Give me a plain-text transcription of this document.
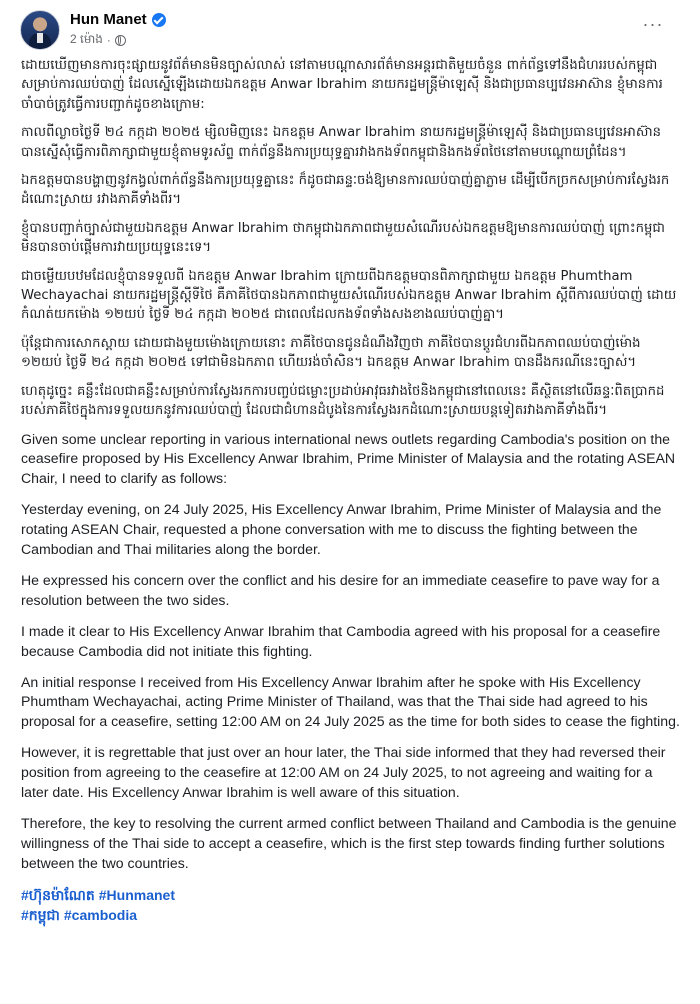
Hun Manet
2 ម៉ោង ·
···

ដោយឃើញមានការចុះផ្សាយនូវព័ត៌មានមិនច្បាស់លាស់ នៅតាមបណ្តាសារព័ត៌មានអន្តរជាតិមួយចំនួន ពាក់ព័ន្ធទៅនឹងជំហររបស់កម្ពុជា សម្រាប់ការឈប់បាញ់ ដែលស្នើឡើងដោយឯកឧត្តម Anwar Ibrahim នាយករដ្ឋមន្ត្រីម៉ាឡេស៊ី និងជាប្រធានប្បវេនអាស៊ាន ខ្ញុំមានការចាំបាច់ត្រូវធ្វើការបញ្ជាក់ដូចខាងក្រោម:

កាលពីល្ងាចថ្ងៃទី ២៤ កក្កដា ២០២៥ ម្សិលមិញនេះ ឯកឧត្តម Anwar Ibrahim នាយករដ្ឋមន្ត្រីម៉ាឡេស៊ី និងជាប្រធានប្បវេនអាស៊ាន បានស្នើសុំធ្វើការពិភាក្សាជាមួយខ្ញុំតាមទូរស័ព្ទ ពាក់ព័ន្ធនឹងការប្រយុទ្ធគ្នារវាងកងទ័ពកម្ពុជានិងកងទ័ពថៃនៅតាមបណ្តោយព្រំដែន។

ឯកឧត្តមបានបង្ហាញនូវកង្វល់ពាក់ព័ន្ធនឹងការប្រយុទ្ធគ្នានេះ ក៏ដូចជាឆន្ទៈចង់ឱ្យមានការឈប់បាញ់គ្នាភ្លាម ដើម្បីបើកច្រកសម្រាប់ការស្វែងរកដំណោះស្រាយ រវាងភាគីទាំងពីរ។

ខ្ញុំបានបញ្ជាក់ច្បាស់ជាមួយឯកឧត្តម Anwar Ibrahim ថាកម្ពុជាឯកភាពជាមួយសំណើរបស់ឯកឧត្តមឱ្យមានការឈប់បាញ់ ព្រោះកម្ពុជាមិនបានចាប់ផ្តើមការវាយប្រយុទ្ធនេះទេ។

ជាចម្លើយបឋមដែលខ្ញុំបានទទួលពី ឯកឧត្តម Anwar Ibrahim ក្រោយពីឯកឧត្តមបានពិភាក្សាជាមួយ ឯកឧត្តម Phumtham Wechayachai នាយករដ្ឋមន្ត្រីស្តីទីថៃ គឺភាគីថៃបានឯកភាពជាមួយសំណើរបស់ឯកឧត្តម Anwar Ibrahim ស្តីពីការឈប់បាញ់ ដោយកំណត់យកម៉ោង ១២យប់ ថ្ងៃទី ២៤ កក្កដា ២០២៥ ជាពេលដែលកងទ័ពទាំងសងខាងឈប់បាញ់គ្នា។

ប៉ុន្តែជាការសោកស្តាយ ដោយជាងមួយម៉ោងក្រោយនោះ ភាគីថៃបានជូនដំណឹងវិញថា ភាគីថៃបានប្តូរជំហរពីឯកភាពឈប់បាញ់ម៉ោង ១២យប់ ថ្ងៃទី ២៤ កក្កដា ២០២៥ ទៅជាមិនឯកភាព ហើយរង់ចាំសិន។ ឯកឧត្តម Anwar Ibrahim បានដឹងករណីនេះច្បាស់។

ហេតុដូច្នេះ គន្លឹះដែលជាគន្លឹះសម្រាប់ការស្វែងរកការបញ្ចប់ជម្លោះប្រដាប់អាវុធរវាងថៃនិងកម្ពុជានៅពេលនេះ គឺស្ថិតនៅលើឆន្ទៈពិតប្រាកដរបស់ភាគីថៃក្នុងការទទួលយកនូវការឈប់បាញ់ ដែលជាជំហានដំបូងនៃការស្វែងរកដំណោះស្រាយបន្តទៀតរវាងភាគីទាំងពីរ។

Given some unclear reporting in various international news outlets regarding Cambodia's position on the ceasefire proposed by His Excellency Anwar Ibrahim, Prime Minister of Malaysia and the rotating ASEAN Chair, I need to clarify as follows:

Yesterday evening, on 24 July 2025, His Excellency Anwar Ibrahim, Prime Minister of Malaysia and the rotating ASEAN Chair, requested a phone conversation with me to discuss the fighting between the Cambodian and Thai militaries along the border.

He expressed his concern over the conflict and his desire for an immediate ceasefire to pave way for a resolution between the two sides.

I made it clear to His Excellency Anwar Ibrahim that Cambodia agreed with his proposal for a ceasefire because Cambodia did not initiate this fighting.

An initial response I received from His Excellency Anwar Ibrahim after he spoke with His Excellency Phumtham Wechayachai, acting Prime Minister of Thailand, was that the Thai side had agreed to his proposal for a ceasefire, setting 12:00 AM on 24 July 2025 as the time for both sides to cease the fighting.

However, it is regrettable that just over an hour later, the Thai side informed that they had reversed their position from agreeing to the ceasefire at 12:00 AM on 24 July 2025, to not agreeing and waiting for a later date. His Excellency Anwar Ibrahim is well aware of this situation.

Therefore, the key to resolving the current armed conflict between Thailand and Cambodia is the genuine willingness of the Thai side to accept a ceasefire, which is the first step towards finding further solutions between the two countries.

#ហ៊ុនម៉ាណែត #Hunmanet
#កម្ពុជា #cambodia
